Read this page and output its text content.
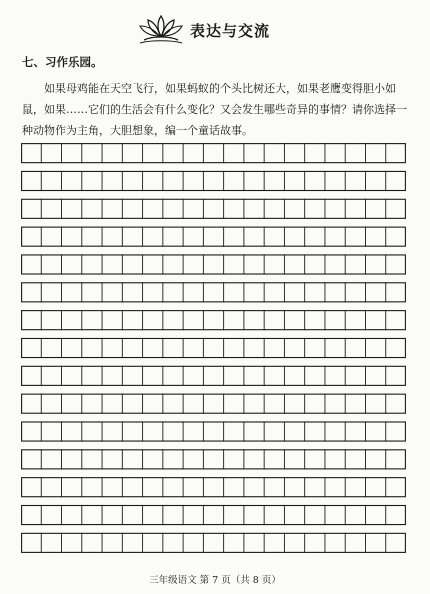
表达与交流
七、习作乐园。

如果母鸡能在天空飞行，如果蚂蚁的个头比树还大，如果老鹰变得胆小如鼠，如果……它们的生活会有什么变化？又会发生哪些奇异的事情？请你选择一种动物作为主角，大胆想象，编一个童话故事。

三年级语文 第 7 页（共 8 页）
